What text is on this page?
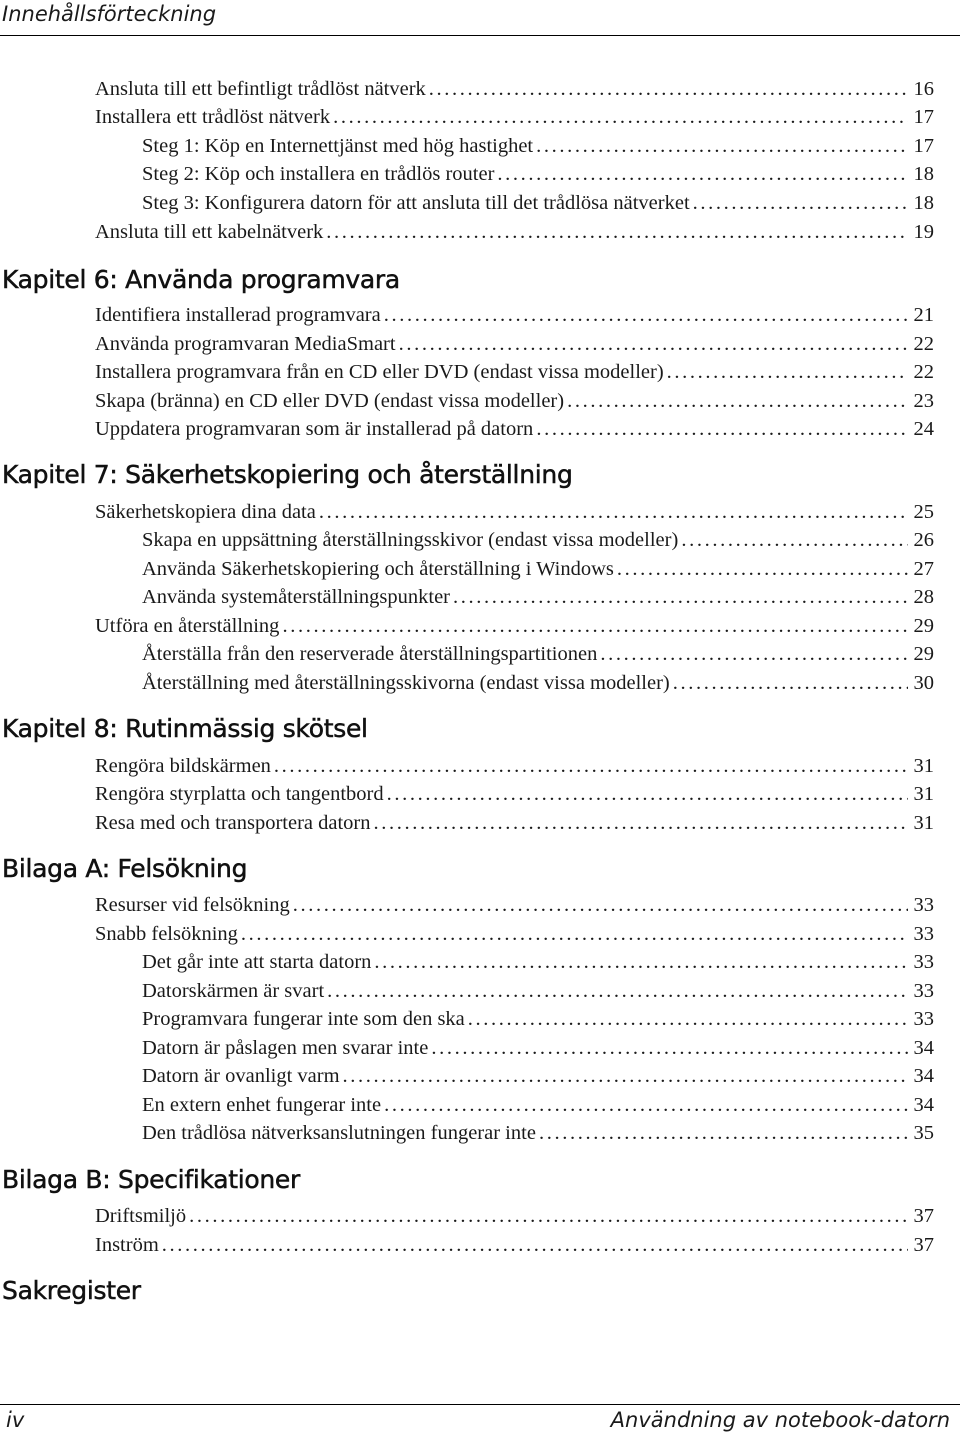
Innehållsförteckning
Ansluta till ett befintligt trådlöst nätverk . . .	16
Installera ett trådlöst nätverk . . .	17
Steg 1: Köp en Internettjänst med hög hastighet . . .	17
Steg 2: Köp och installera en trådlös router . . .	18
Steg 3: Konfigurera datorn för att ansluta till det trådlösa nätverket . . .	18
Ansluta till ett kabelnätverk . . .	19
Kapitel 6: Använda programvara
Identifiera installerad programvara . . .	21
Använda programvaran MediaSmart . . .	22
Installera programvara från en CD eller DVD (endast vissa modeller) . . .	22
Skapa (bränna) en CD eller DVD (endast vissa modeller) . . .	23
Uppdatera programvaran som är installerad på datorn . . .	24
Kapitel 7: Säkerhetskopiering och återställning
Säkerhetskopiera dina data . . .	25
Skapa en uppsättning återställningsskivor (endast vissa modeller) . . .	26
Använda Säkerhetskopiering och återställning i Windows . . .	27
Använda systemåterställningspunkter . . .	28
Utföra en återställning . . .	29
Återställa från den reserverade återställningspartitionen . . .	29
Återställning med återställningsskivorna (endast vissa modeller) . . .	30
Kapitel 8: Rutinmässig skötsel
Rengöra bildskärmen . . .	31
Rengöra styrplatta och tangentbord . . .	31
Resa med och transportera datorn . . .	31
Bilaga A: Felsökning
Resurser vid felsökning . . .	33
Snabb felsökning . . .	33
Det går inte att starta datorn . . .	33
Datorskärmen är svart . . .	33
Programvara fungerar inte som den ska . . .	33
Datorn är påslagen men svarar inte . . .	34
Datorn är ovanligt varm . . .	34
En extern enhet fungerar inte . . .	34
Den trådlösa nätverksanslutningen fungerar inte . . .	35
Bilaga B: Specifikationer
Driftsmiljö . . .	37
Inström . . .	37
Sakregister
iv	Användning av notebook-datorn
